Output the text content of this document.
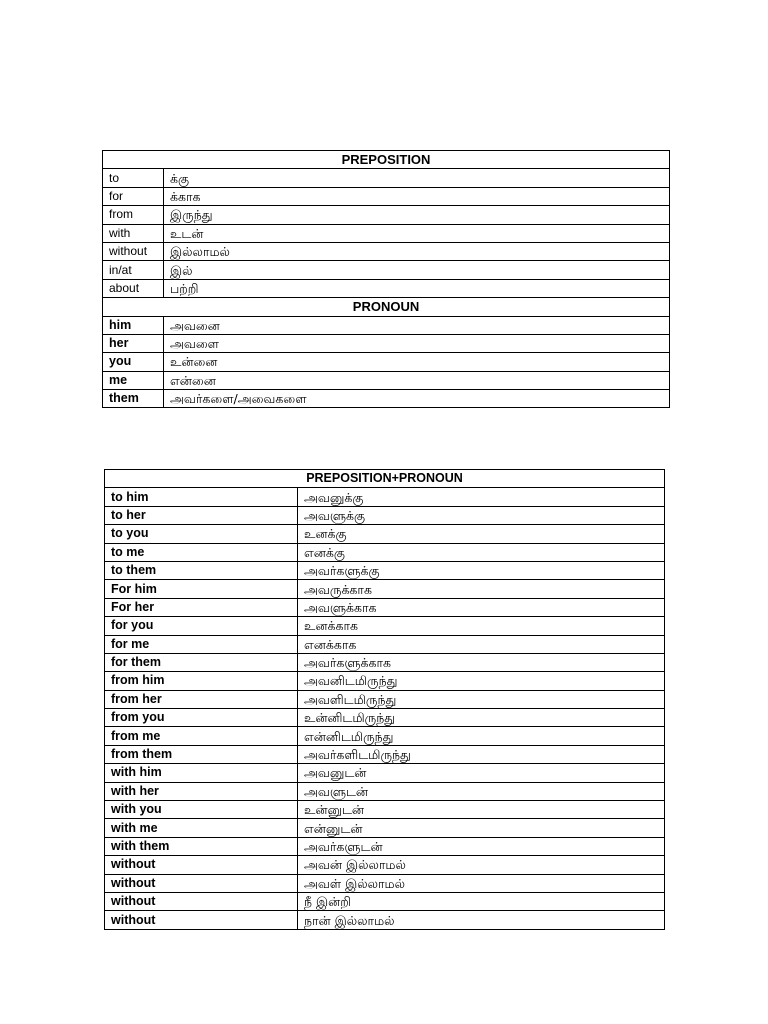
PREPOSITION	
to	க்கு
for	க்காக
from	இருந்து
with	உடன்
without	இல்லாமல்
in/at	இல்
about	பற்றி
PRONOUN	
him	அவனை
her	அவளை
you	உன்னை
me	என்னை
them	அவர்களை/அவைகளை
PREPOSITION+PRONOUN	
to him	அவனுக்கு
to her	அவளுக்கு
to you	உனக்கு
to me	எனக்கு
to them	அவர்களுக்கு
For him	அவருக்காக
For her	அவளுக்காக
for you	உனக்காக
for me	எனக்காக
for them	அவர்களுக்காக
from him	அவனிடமிருந்து
from her	அவளிடமிருந்து
from you	உன்னிடமிருந்து
from me	என்னிடமிருந்து
from them	அவர்களிடமிருந்து
with him	அவனுடன்
with her	அவளுடன்
with you	உன்னுடன்
with me	என்னுடன்
with them	அவர்களுடன்
without	அவன் இல்லாமல்
without	அவள் இல்லாமல்
without	நீ இன்றி
without	நான் இல்லாமல்
